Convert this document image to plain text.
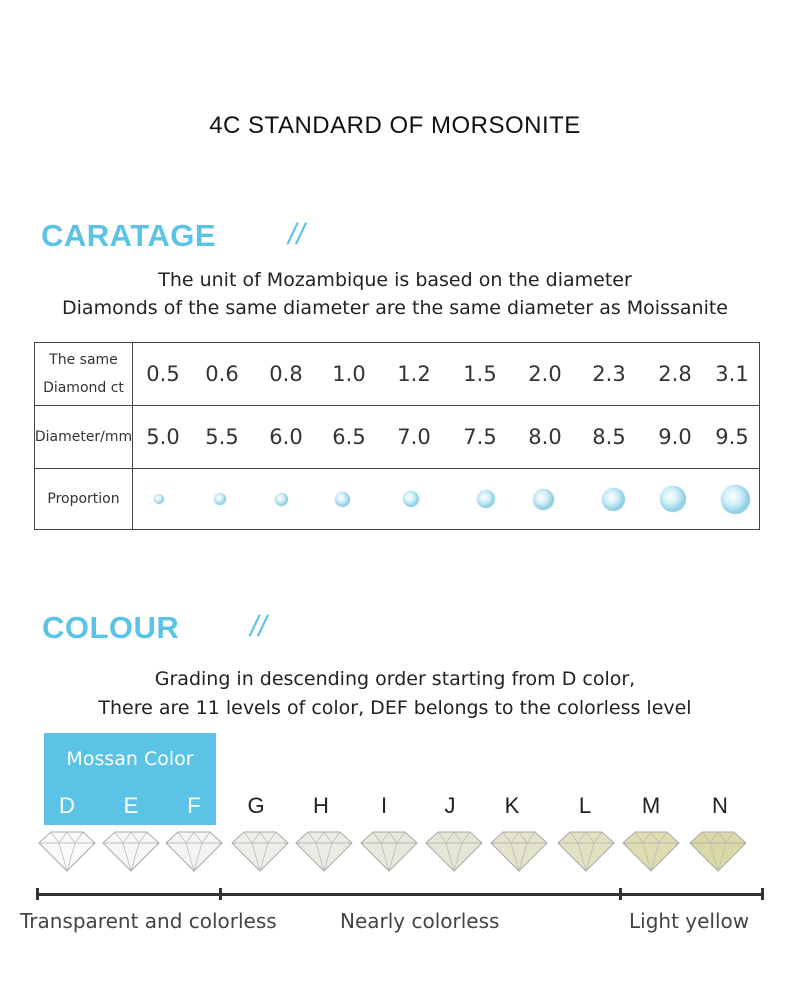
4C STANDARD OF MORSONITE
CARATAGE //
The unit of Mozambique is based on the diameter
Diamonds of the same diameter are the same diameter as Moissanite
The same
Diamond ct
0.5	0.6	0.8	1.0	1.2	1.5	2.0	2.3	2.8	3.1
Diameter/mm 5.0	5.5	6.0	6.5	7.0	7.5	8.0	8.5	9.0	9.5
Proportion
COLOUR //
Grading in descending order starting from D color,
There are 11 levels of color, DEF belongs to the colorless level
Mossan Color
D	E	F	G	H	I	J	K	L	M	N
Transparent and colorless	Nearly colorless	Light yellow
